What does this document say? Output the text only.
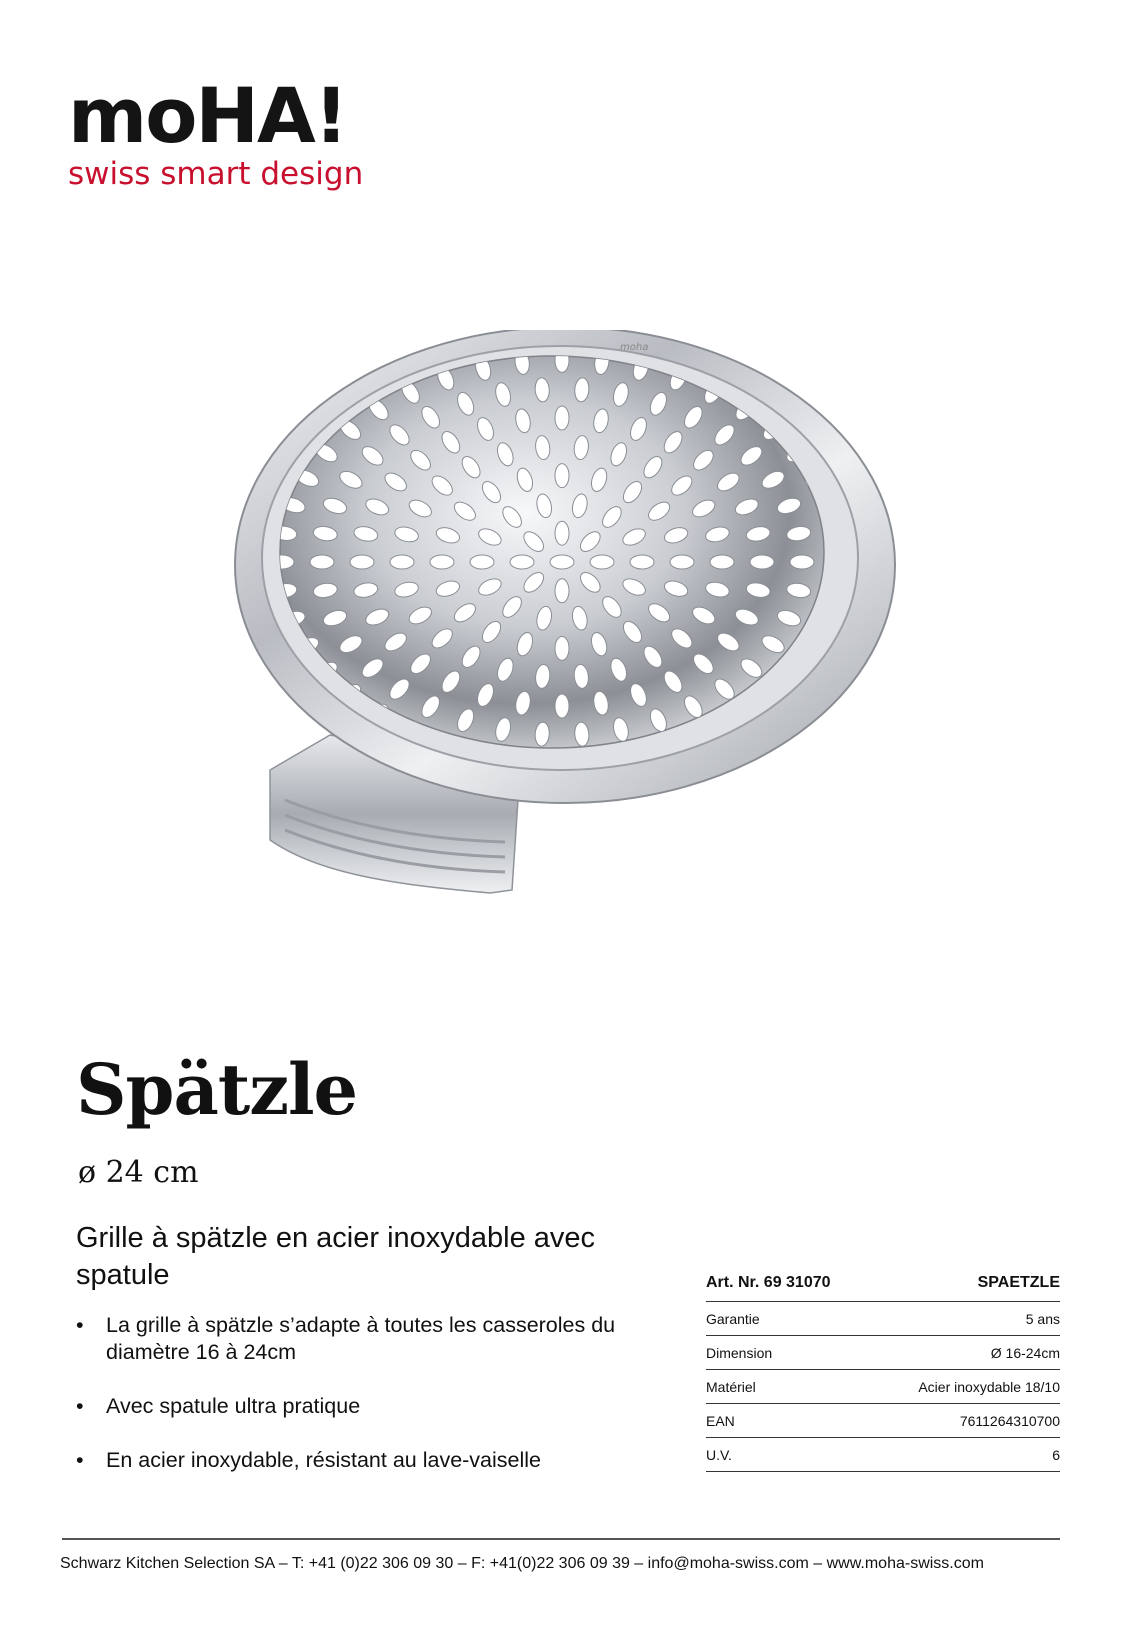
moHA!
swiss smart design
moha
Spätzle
ø 24 cm
Grille à spätzle en acier inoxydable avec spatule
• La grille à spätzle s’adapte à toutes les casseroles du diamètre 16 à 24cm
• Avec spatule ultra pratique
• En acier inoxydable, résistant au lave-vaiselle
Art. Nr. 69 31070	SPAETZLE
Garantie	5 ans
Dimension	Ø 16-24cm
Matériel	Acier inoxydable 18/10
EAN	7611264310700
U.V.	6
Schwarz Kitchen Selection SA – T: +41 (0)22 306 09 30 – F: +41(0)22 306 09 39 – info@moha-swiss.com – www.moha-swiss.com
